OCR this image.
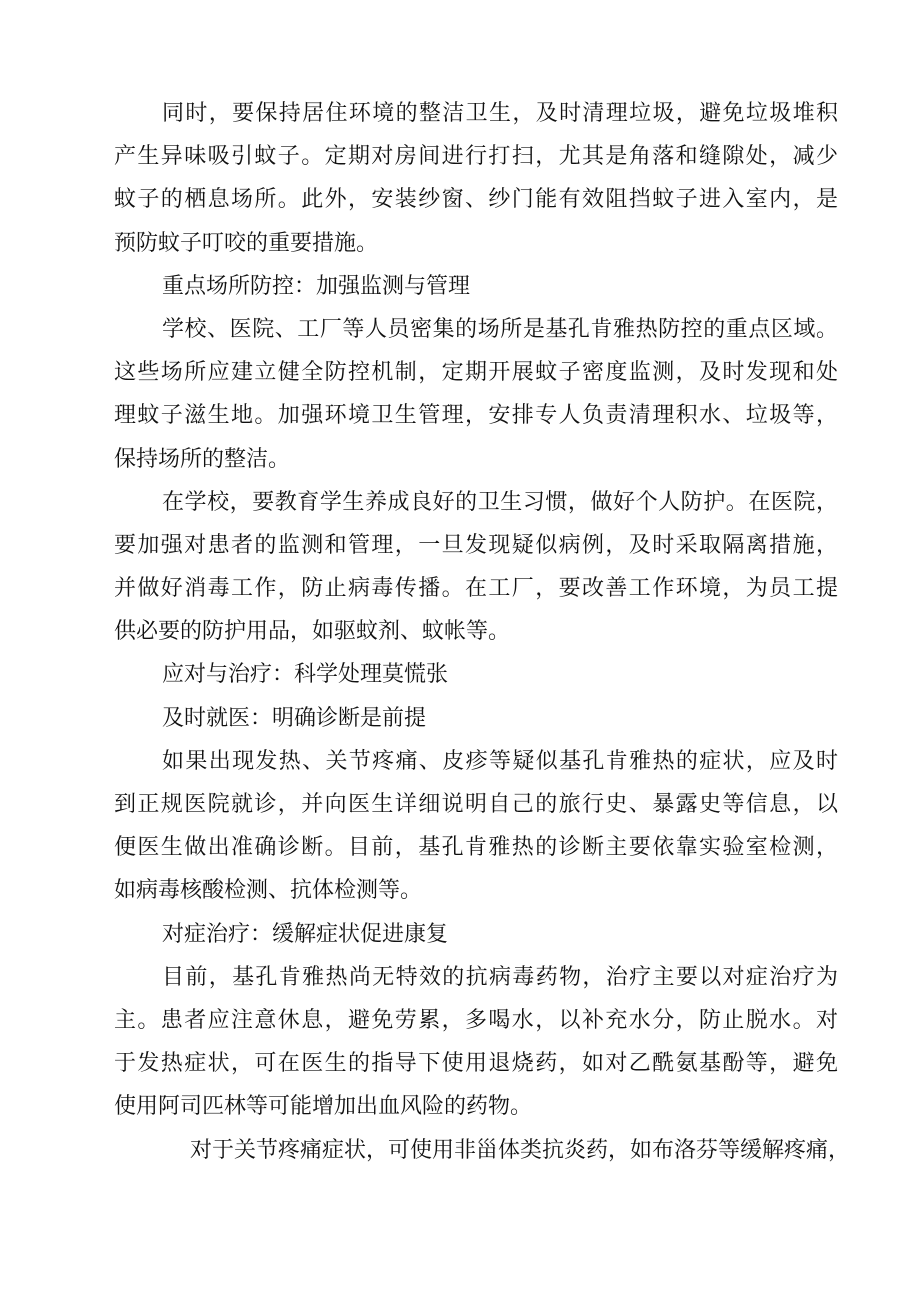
同时，要保持居住环境的整洁卫生，及时清理垃圾，避免垃圾堆积
产生异味吸引蚊子。定期对房间进行打扫，尤其是角落和缝隙处，减少
蚊子的栖息场所。此外，安装纱窗、纱门能有效阻挡蚊子进入室内，是
预防蚊子叮咬的重要措施。
重点场所防控：加强监测与管理
学校、医院、工厂等人员密集的场所是基孔肯雅热防控的重点区域。
这些场所应建立健全防控机制，定期开展蚊子密度监测，及时发现和处
理蚊子滋生地。加强环境卫生管理，安排专人负责清理积水、垃圾等，
保持场所的整洁。
在学校，要教育学生养成良好的卫生习惯，做好个人防护。在医院，
要加强对患者的监测和管理，一旦发现疑似病例，及时采取隔离措施，
并做好消毒工作，防止病毒传播。在工厂，要改善工作环境，为员工提
供必要的防护用品，如驱蚊剂、蚊帐等。
应对与治疗：科学处理莫慌张
及时就医：明确诊断是前提
如果出现发热、关节疼痛、皮疹等疑似基孔肯雅热的症状，应及时
到正规医院就诊，并向医生详细说明自己的旅行史、暴露史等信息，以
便医生做出准确诊断。目前，基孔肯雅热的诊断主要依靠实验室检测，
如病毒核酸检测、抗体检测等。
对症治疗：缓解症状促进康复
目前，基孔肯雅热尚无特效的抗病毒药物，治疗主要以对症治疗为
主。患者应注意休息，避免劳累，多喝水，以补充水分，防止脱水。对
于发热症状，可在医生的指导下使用退烧药，如对乙酰氨基酚等，避免
使用阿司匹林等可能增加出血风险的药物。
对于关节疼痛症状，可使用非甾体类抗炎药，如布洛芬等缓解疼痛，
